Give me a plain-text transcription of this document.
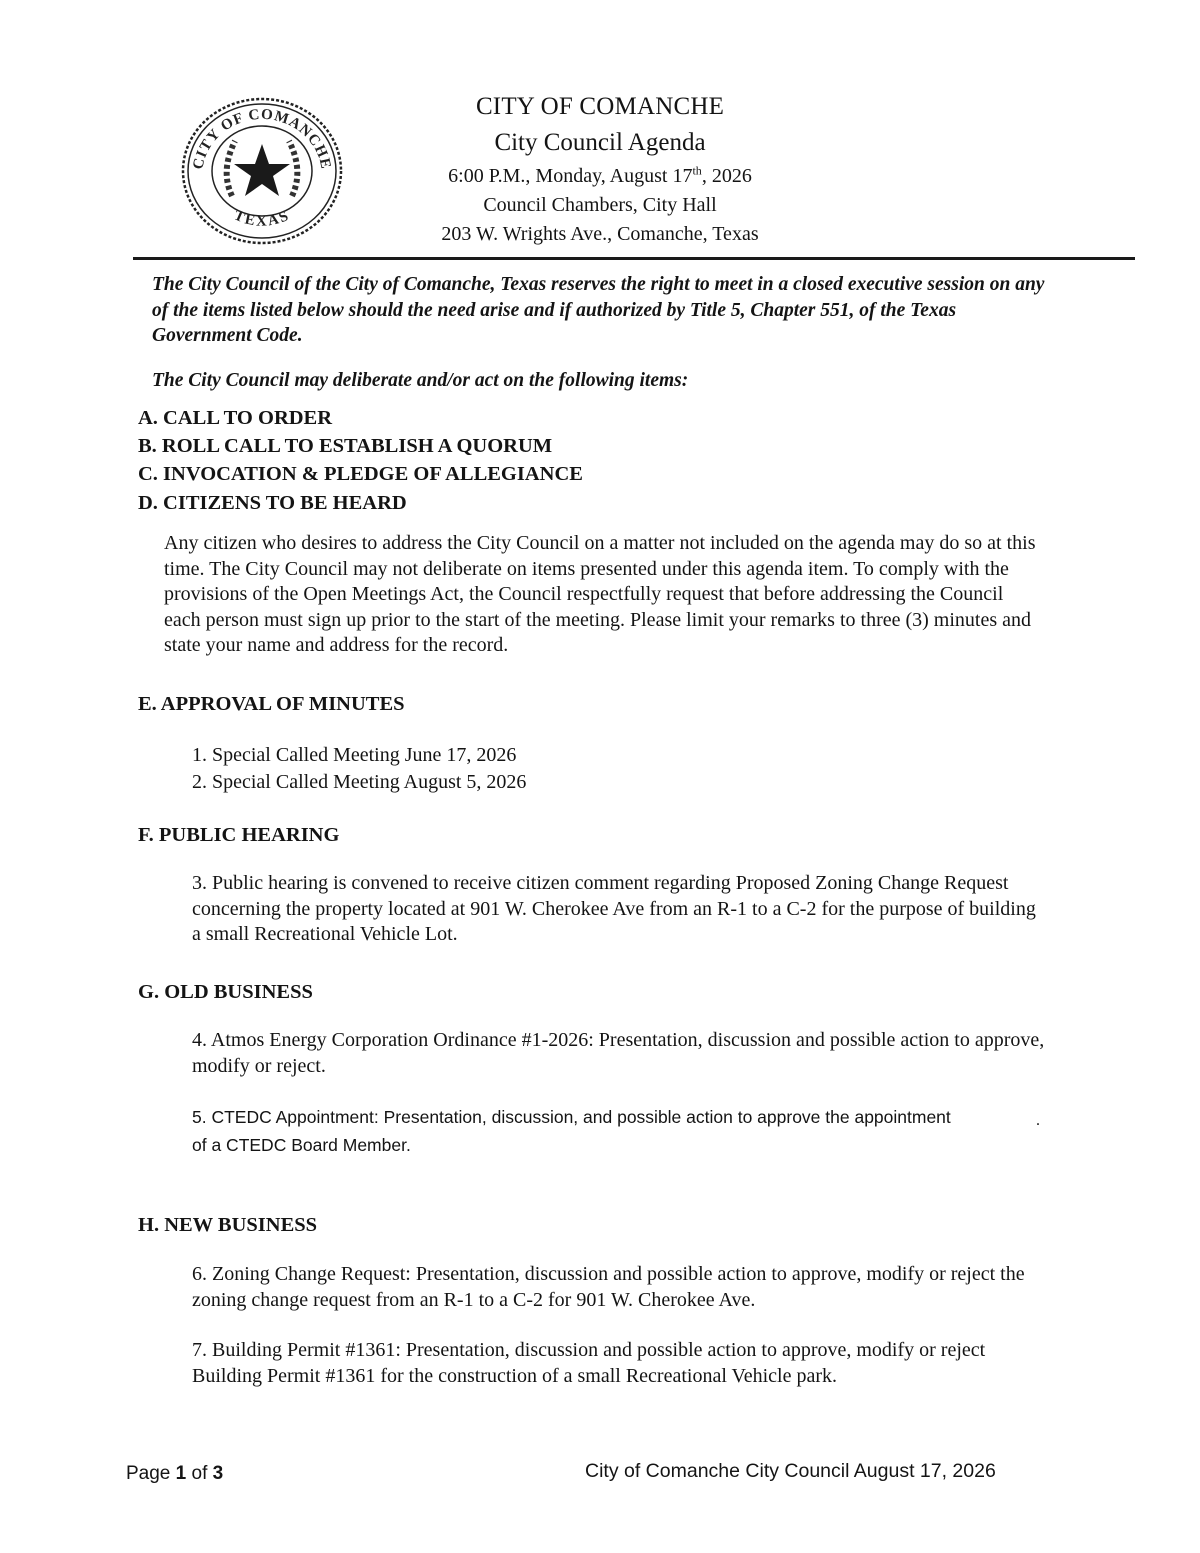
CITY OF COMANCHE
TEXAS
CITY OF COMANCHE
City Council Agenda
6:00 P.M., Monday, August 17th, 2026
Council Chambers, City Hall
203 W. Wrights Ave., Comanche, Texas
The City Council of the City of Comanche, Texas reserves the right to meet in a closed executive session on any of the items listed below should the need arise and if authorized by Title 5, Chapter 551, of the Texas Government Code.
The City Council may deliberate and/or act on the following items:
A. CALL TO ORDER
B. ROLL CALL TO ESTABLISH A QUORUM
C. INVOCATION & PLEDGE OF ALLEGIANCE
D. CITIZENS TO BE HEARD
Any citizen who desires to address the City Council on a matter not included on the agenda may do so at this time. The City Council may not deliberate on items presented under this agenda item. To comply with the provisions of the Open Meetings Act, the Council respectfully request that before addressing the Council each person must sign up prior to the start of the meeting. Please limit your remarks to three (3) minutes and state your name and address for the record.
E. APPROVAL OF MINUTES
1. Special Called Meeting June 17, 2026
2. Special Called Meeting August 5, 2026
F. PUBLIC HEARING
3. Public hearing is convened to receive citizen comment regarding Proposed Zoning Change Request concerning the property located at 901 W. Cherokee Ave from an R-1 to a C-2 for the purpose of building a small Recreational Vehicle Lot.
G. OLD BUSINESS
4. Atmos Energy Corporation Ordinance #1-2026: Presentation, discussion and possible action to approve, modify or reject.
5. CTEDC Appointment: Presentation, discussion, and possible action to approve the appointment of a CTEDC Board Member.
.
H. NEW BUSINESS
6. Zoning Change Request: Presentation, discussion and possible action to approve, modify or reject the zoning change request from an R-1 to a C-2 for 901 W. Cherokee Ave.
7. Building Permit #1361: Presentation, discussion and possible action to approve, modify or reject Building Permit #1361 for the construction of a small Recreational Vehicle park.
Page 1 of 3	City of Comanche City Council August 17, 2026
